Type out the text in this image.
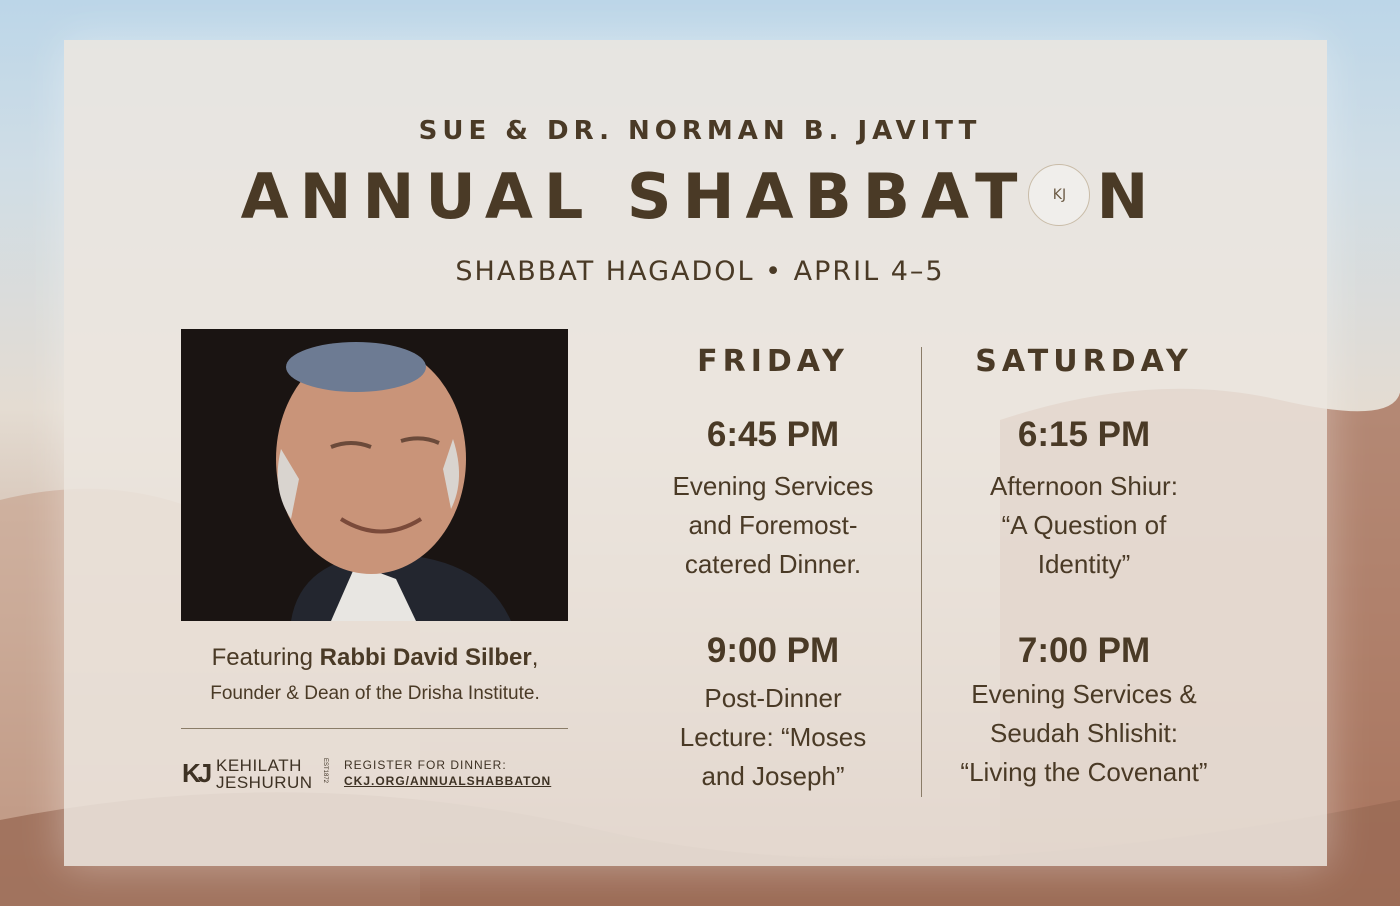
SUE & DR. NORMAN B. JAVITT
ANNUAL SHABBAT	KJ N
SHABBAT HAGADOL • APRIL 4–5
Featuring Rabbi David Silber,
Founder & Dean of the Drisha Institute.
KJ KEHILATH
JESHURUN EST1872 REGISTER FOR DINNER:
CKJ.ORG/ANNUALSHABBATON
FRIDAY
6:45 PM
Evening Services
and Foremost-
catered Dinner.
9:00 PM
Post-Dinner
Lecture: “Moses
and Joseph”
SATURDAY
6:15 PM
Afternoon Shiur:
“A Question of
Identity”
7:00 PM
Evening Services &
Seudah Shlishit:
“Living the Covenant”
